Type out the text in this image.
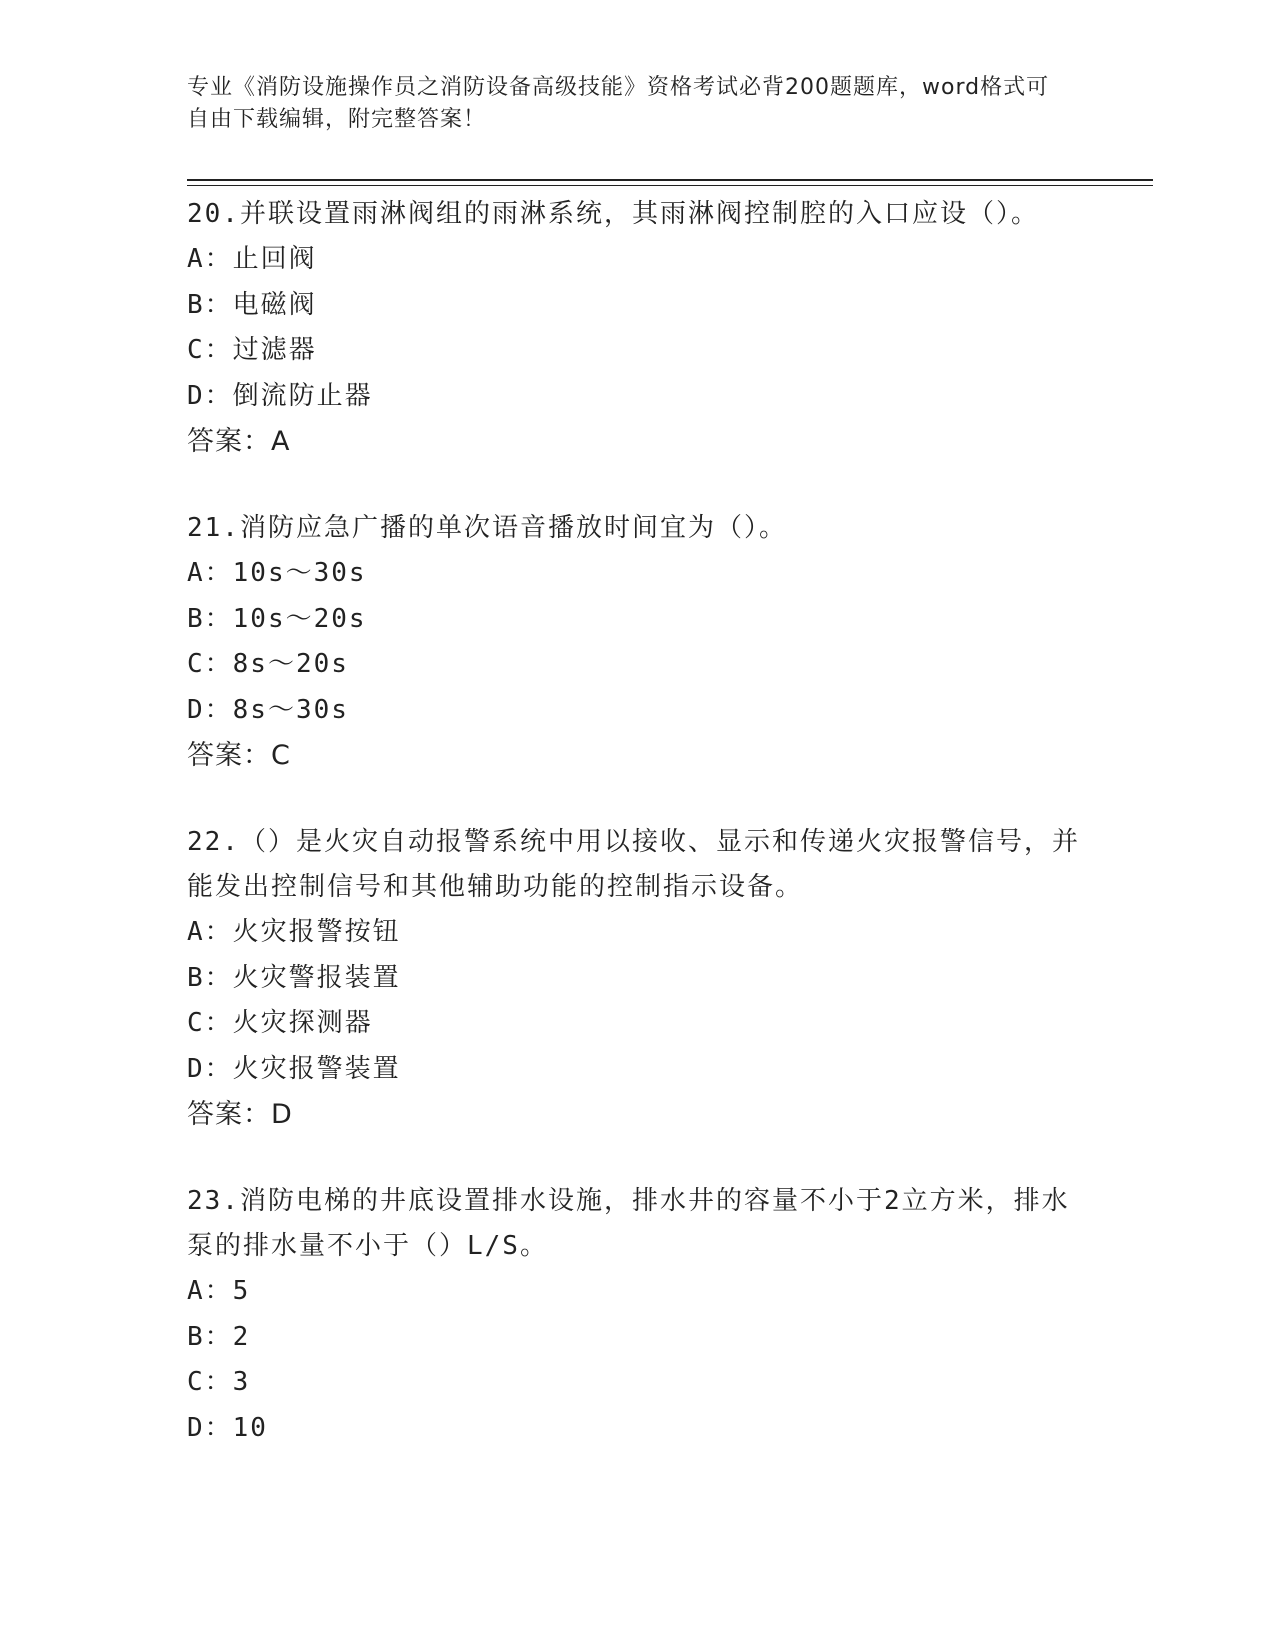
专业《消防设施操作员之消防设备高级技能》资格考试必背200题题库，word格式可自由下载编辑，附完整答案！
20.并联设置雨淋阀组的雨淋系统，其雨淋阀控制腔的入口应设（）。
A：止回阀
B：电磁阀
C：过滤器
D：倒流防止器
答案：A
21.消防应急广播的单次语音播放时间宜为（）。
A：10s～30s
B：10s～20s
C：8s～20s
D：8s～30s
答案：C
22.（）是火灾自动报警系统中用以接收、显示和传递火灾报警信号，并能发出控制信号和其他辅助功能的控制指示设备。
A：火灾报警按钮
B：火灾警报装置
C：火灾探测器
D：火灾报警装置
答案：D
23.消防电梯的井底设置排水设施，排水井的容量不小于2立方米，排水泵的排水量不小于（）L/S。
A：5
B：2
C：3
D：10
